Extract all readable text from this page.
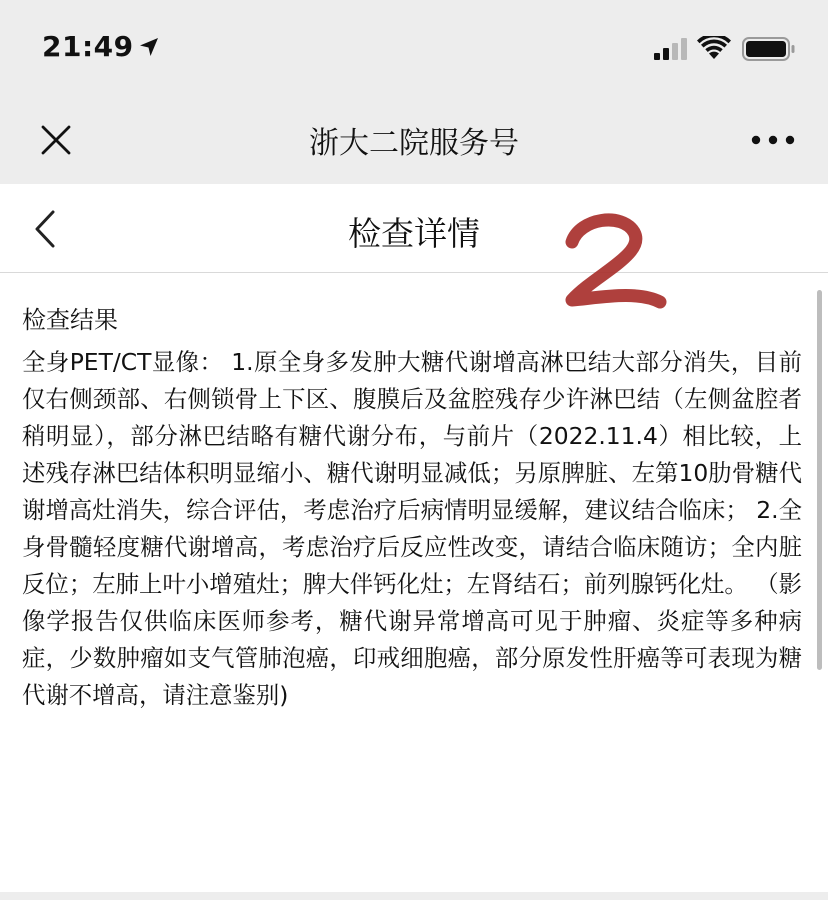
21:49
浙大二院服务号
检查详情
2
检查结果

全身PET/CT显像： 1.原全身多发肿大糖代谢增高淋巴结大部分消失，目前仅右侧颈部、右侧锁骨上下区、腹膜后及盆腔残存少许淋巴结（左侧盆腔者稍明显），部分淋巴结略有糖代谢分布，与前片（2022.11.4）相比较，上述残存淋巴结体积明显缩小、糖代谢明显减低；另原脾脏、左第10肋骨糖代谢增高灶消失，综合评估，考虑治疗后病情明显缓解，建议结合临床； 2.全身骨髓轻度糖代谢增高，考虑治疗后反应性改变，请结合临床随访；全内脏反位；左肺上叶小增殖灶；脾大伴钙化灶；左肾结石；前列腺钙化灶。 （影像学报告仅供临床医师参考，糖代谢异常增高可见于肿瘤、炎症等多种病症，少数肿瘤如支气管肺泡癌，印戒细胞癌，部分原发性肝癌等可表现为糖代谢不增高，请注意鉴别)
